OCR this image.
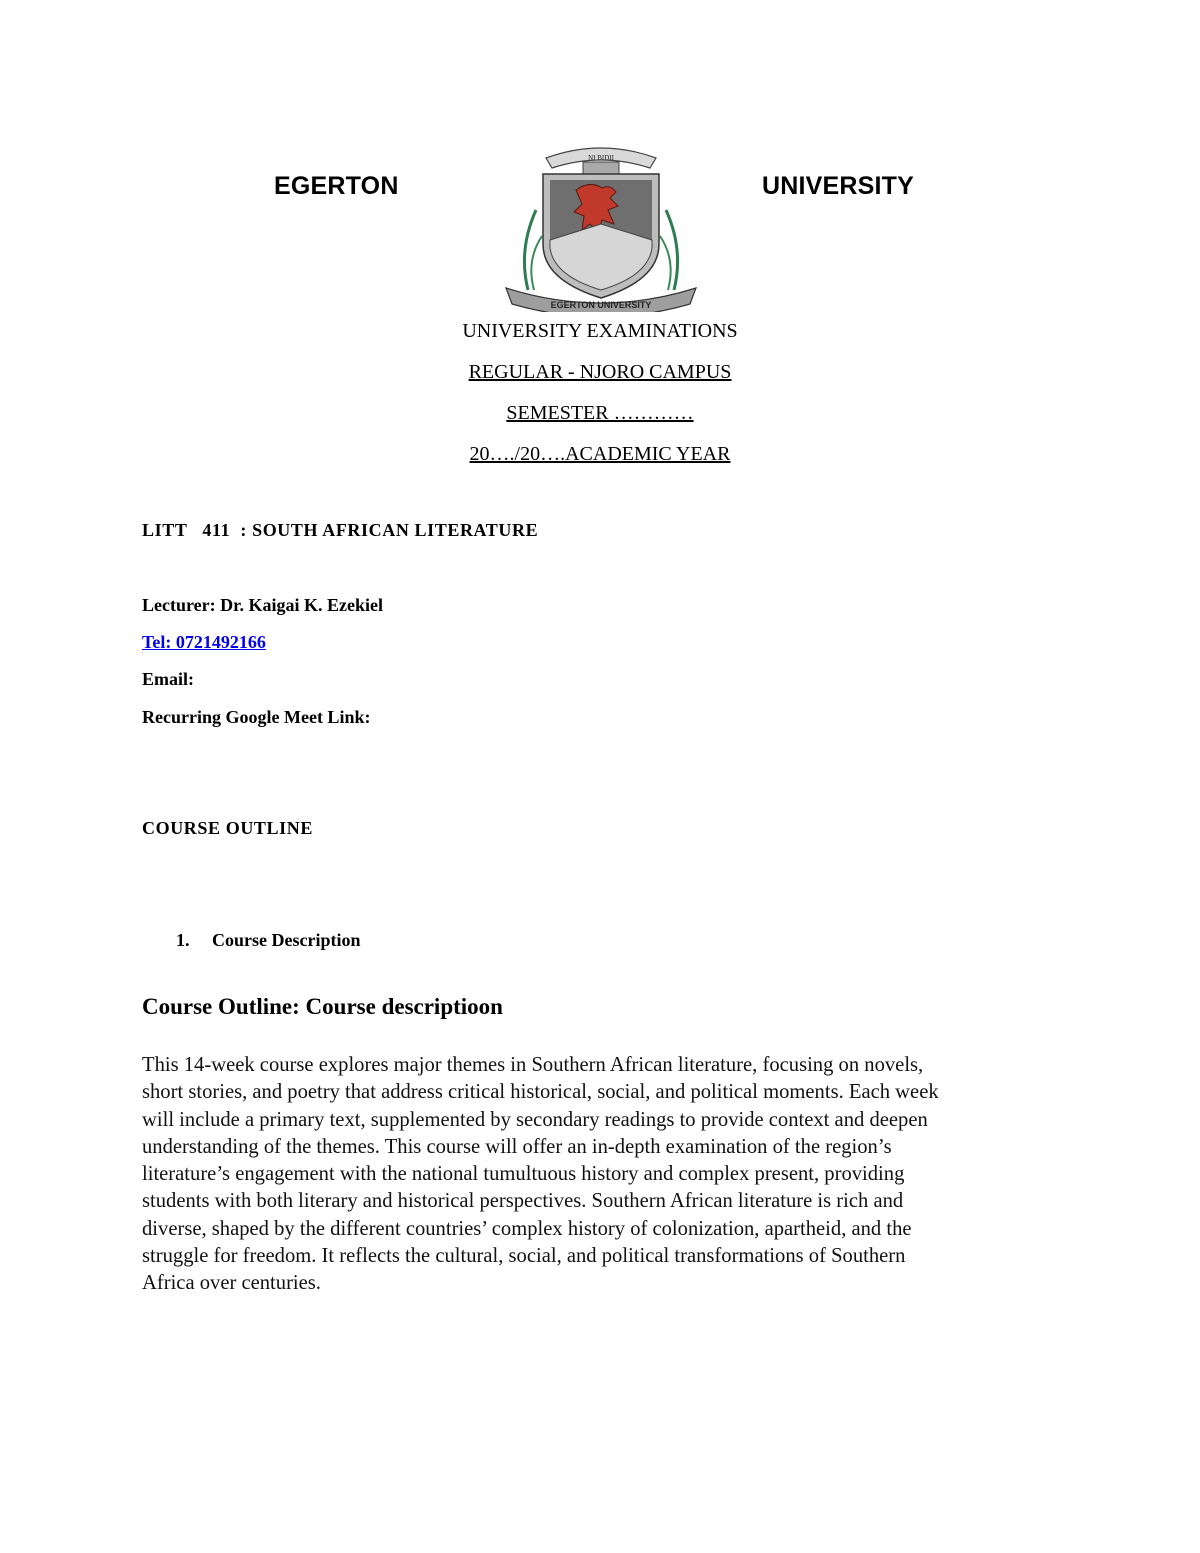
EGERTON	UNIVERSITY
NI BIDII
EGERTON UNIVERSITY
UNIVERSITY EXAMINATIONS
REGULAR - NJORO CAMPUS
SEMESTER …………
20…./20….ACADEMIC YEAR
LITT   411  : SOUTH AFRICAN LITERATURE
Lecturer: Dr. Kaigai K. Ezekiel
Tel: 0721492166
Email:
Recurring Google Meet Link:
COURSE OUTLINE
1. Course Description
Course Outline: Course descriptioon
This 14-week course explores major themes in Southern African literature, focusing on novels,
short stories, and poetry that address critical historical, social, and political moments. Each week
will include a primary text, supplemented by secondary readings to provide context and deepen
understanding of the themes. This course will offer an in-depth examination of the region’s
literature’s engagement with the national tumultuous history and complex present, providing
students with both literary and historical perspectives. Southern African literature is rich and
diverse, shaped by the different countries’ complex history of colonization, apartheid, and the
struggle for freedom. It reflects the cultural, social, and political transformations of Southern
Africa over centuries.
